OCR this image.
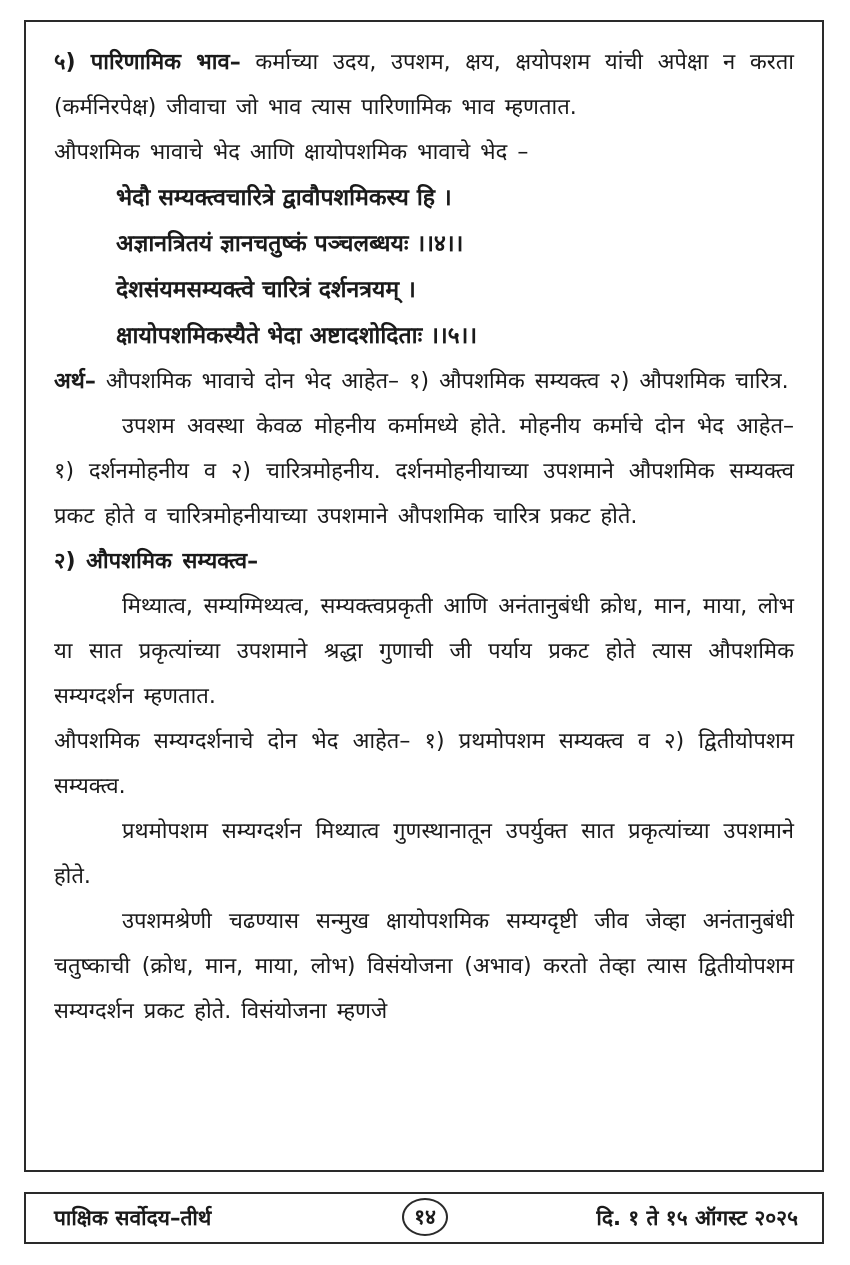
५) पारिणामिक भाव– कर्माच्या उदय, उपशम, क्षय, क्षयोपशम यांची अपेक्षा न करता (कर्मनिरपेक्ष) जीवाचा जो भाव त्यास पारिणामिक भाव म्हणतात.

औपशमिक भावाचे भेद आणि क्षायोपशमिक भावाचे भेद –

भेदौ सम्यक्त्वचारित्रे द्वावौपशमिकस्य हि ।

अज्ञानत्रितयं ज्ञानचतुष्कं पञ्चलब्धयः ।।४।।

देशसंयमसम्यक्त्वे चारित्रं दर्शनत्रयम् ।

क्षायोपशमिकस्यैते भेदा अष्टादशोदिताः ।।५।।

अर्थ– औपशमिक भावाचे दोन भेद आहेत– १) औपशमिक सम्यक्त्व २) औपशमिक चारित्र.

उपशम अवस्था केवळ मोहनीय कर्मामध्ये होते. मोहनीय कर्माचे दोन भेद आहेत– १) दर्शनमोहनीय व २) चारित्रमोहनीय. दर्शनमोहनीयाच्या उपशमाने औपशमिक सम्यक्त्व प्रकट होते व चारित्रमोहनीयाच्या उपशमाने औपशमिक चारित्र प्रकट होते.

२) औपशमिक सम्यक्त्व–

मिथ्यात्व, सम्यग्मिथ्यत्व, सम्यक्त्वप्रकृती आणि अनंतानुबंधी क्रोध, मान, माया, लोभ या सात प्रकृत्यांच्या उपशमाने श्रद्धा गुणाची जी पर्याय प्रकट होते त्यास औपशमिक सम्यग्दर्शन म्हणतात.

औपशमिक सम्यग्दर्शनाचे दोन भेद आहेत– १) प्रथमोपशम सम्यक्त्व व २) द्वितीयोपशम सम्यक्त्व.

प्रथमोपशम सम्यग्दर्शन मिथ्यात्व गुणस्थानातून उपर्युक्त सात प्रकृत्यांच्या उपशमाने होते.

उपशमश्रेणी चढण्यास सन्मुख क्षायोपशमिक सम्यग्दृष्टी जीव जेव्हा अनंतानुबंधी चतुष्काची (क्रोध, मान, माया, लोभ) विसंयोजना (अभाव) करतो तेव्हा त्यास द्वितीयोपशम सम्यग्दर्शन प्रकट होते. विसंयोजना म्हणजे

पाक्षिक सर्वोदय–तीर्थ	१४	दि. १ ते १५ ऑगस्ट २०२५
